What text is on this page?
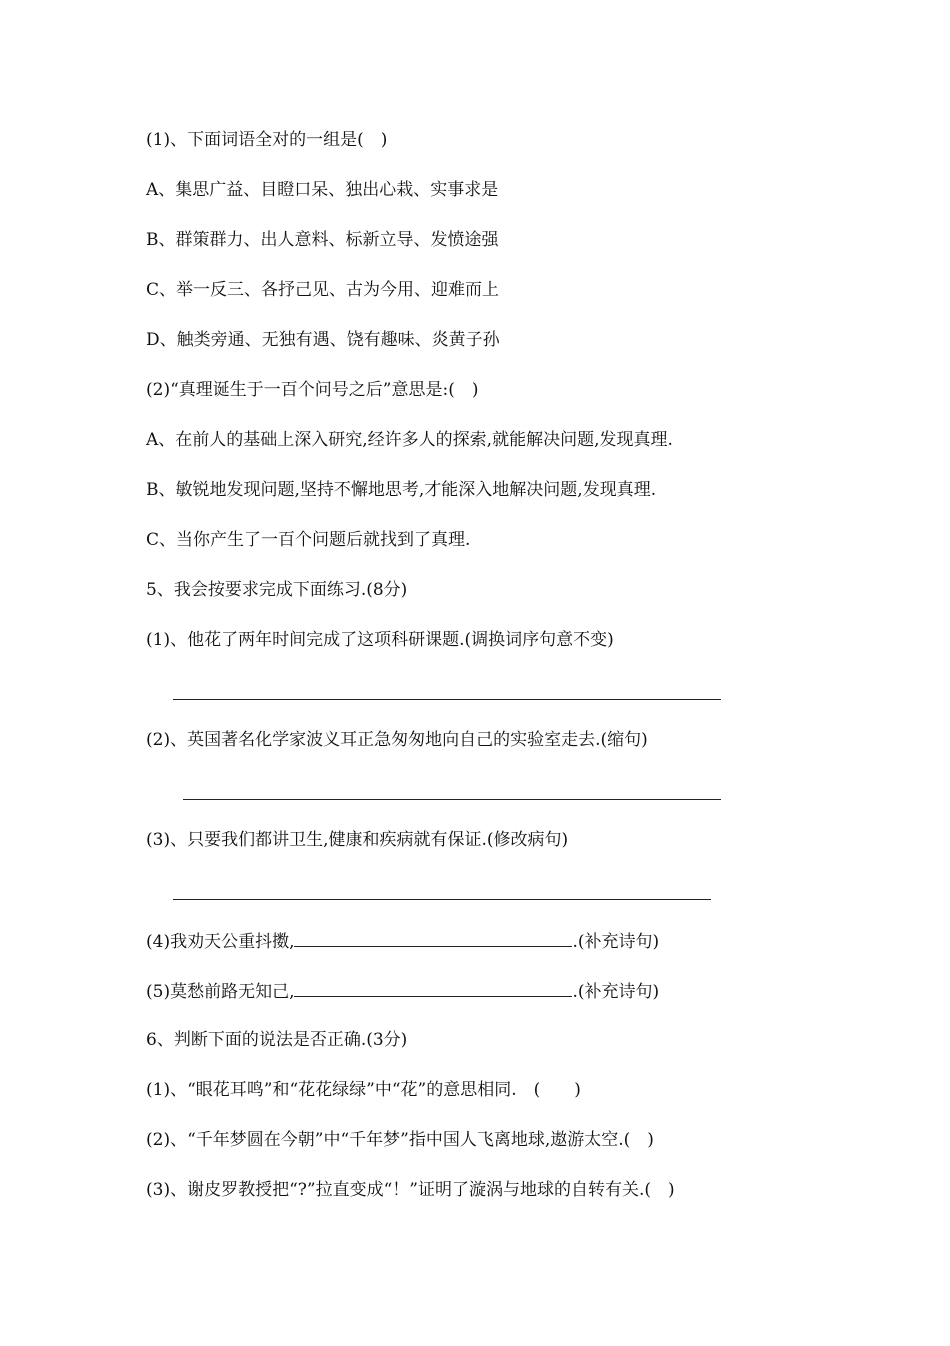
(1)、下面词语全对的一组是(　)
A、集思广益、目瞪口呆、独出心栽、实事求是
B、群策群力、出人意料、标新立导、发愤途强
C、举一反三、各抒己见、古为今用、迎难而上
D、触类旁通、无独有遇、饶有趣味、炎黄子孙
(2)“真理诞生于一百个问号之后”意思是:(　)
A、在前人的基础上深入研究,经许多人的探索,就能解决问题,发现真理.
B、敏锐地发现问题,坚持不懈地思考,才能深入地解决问题,发现真理.
C、当你产生了一百个问题后就找到了真理.
5、我会按要求完成下面练习.(8分)
(1)、他花了两年时间完成了这项科研课题.(调换词序句意不变)
(2)、英国著名化学家波义耳正急匆匆地向自己的实验室走去.(缩句)
(3)、只要我们都讲卫生,健康和疾病就有保证.(修改病句)
(4)我劝天公重抖擞,	.(补充诗句)
(5)莫愁前路无知己,	.(补充诗句)
6、判断下面的说法是否正确.(3分)
(1)、“眼花耳鸣”和“花花绿绿”中“花”的意思相同.　(　　)
(2)、“千年梦圆在今朝”中“千年梦”指中国人飞离地球,遨游太空.(　)
(3)、谢皮罗教授把“?”拉直变成“！”证明了漩涡与地球的自转有关.(　)
